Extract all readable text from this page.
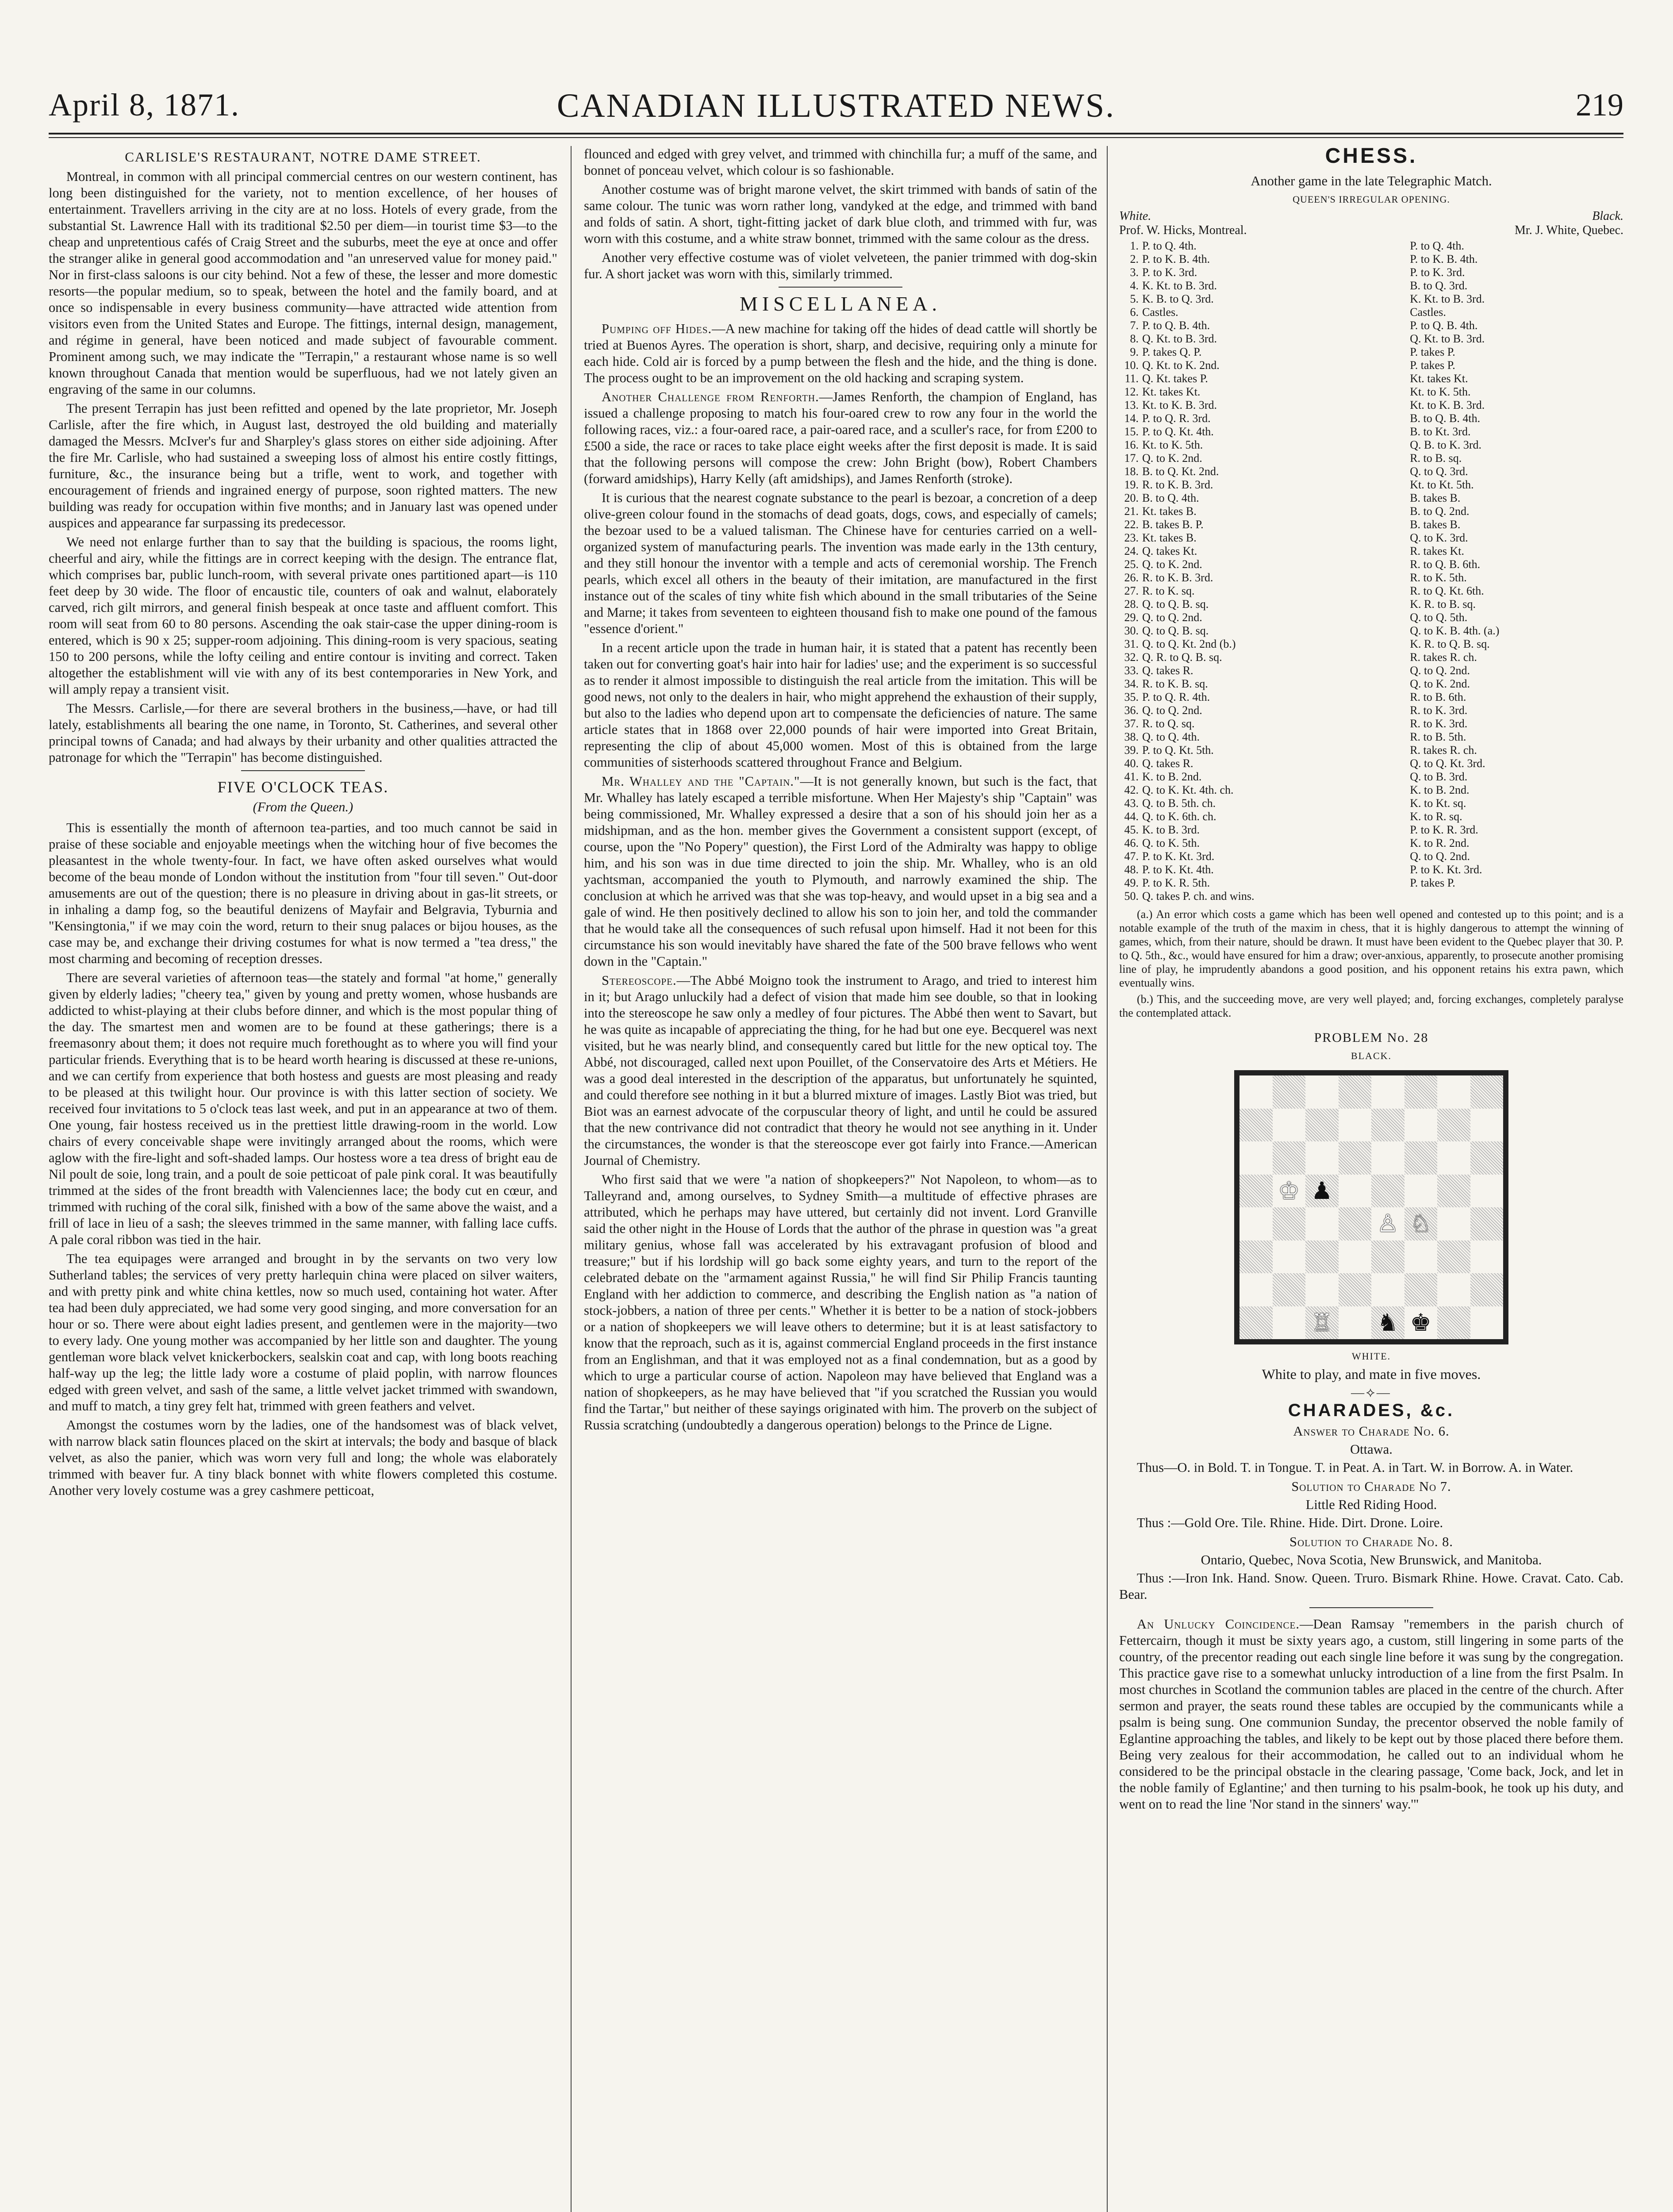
April 8, 1871.	CANADIAN ILLUSTRATED NEWS.	219
CARLISLE'S RESTAURANT, NOTRE DAME STREET.

Montreal, in common with all principal commercial centres on our western continent, has long been distinguished for the variety, not to mention excellence, of her houses of entertainment. Travellers arriving in the city are at no loss. Hotels of every grade, from the substantial St. Lawrence Hall with its traditional $2.50 per diem—in tourist time $3—to the cheap and unpretentious cafés of Craig Street and the suburbs, meet the eye at once and offer the stranger alike in general good accommodation and "an unreserved value for money paid." Nor in first-class saloons is our city behind. Not a few of these, the lesser and more domestic resorts—the popular medium, so to speak, between the hotel and the family board, and at once so indispensable in every business community—have attracted wide attention from visitors even from the United States and Europe. The fittings, internal design, management, and régime in general, have been noticed and made subject of favourable comment. Prominent among such, we may indicate the "Terrapin," a restaurant whose name is so well known throughout Canada that mention would be superfluous, had we not lately given an engraving of the same in our columns.

The present Terrapin has just been refitted and opened by the late proprietor, Mr. Joseph Carlisle, after the fire which, in August last, destroyed the old building and materially damaged the Messrs. McIver's fur and Sharpley's glass stores on either side adjoining. After the fire Mr. Carlisle, who had sustained a sweeping loss of almost his entire costly fittings, furniture, &c., the insurance being but a trifle, went to work, and together with encouragement of friends and ingrained energy of purpose, soon righted matters. The new building was ready for occupation within five months; and in January last was opened under auspices and appearance far surpassing its predecessor.

We need not enlarge further than to say that the building is spacious, the rooms light, cheerful and airy, while the fittings are in correct keeping with the design. The entrance flat, which comprises bar, public lunch-room, with several private ones partitioned apart—is 110 feet deep by 30 wide. The floor of encaustic tile, counters of oak and walnut, elaborately carved, rich gilt mirrors, and general finish bespeak at once taste and affluent comfort. This room will seat from 60 to 80 persons. Ascending the oak stair-case the upper dining-room is entered, which is 90 x 25; supper-room adjoining. This dining-room is very spacious, seating 150 to 200 persons, while the lofty ceiling and entire contour is inviting and correct. Taken altogether the establishment will vie with any of its best contemporaries in New York, and will amply repay a transient visit.

The Messrs. Carlisle,—for there are several brothers in the business,—have, or had till lately, establishments all bearing the one name, in Toronto, St. Catherines, and several other principal towns of Canada; and had always by their urbanity and other qualities attracted the patronage for which the "Terrapin" has become distinguished.

FIVE O'CLOCK TEAS.
(From the Queen.)

This is essentially the month of afternoon tea-parties, and too much cannot be said in praise of these sociable and enjoyable meetings when the witching hour of five becomes the pleasantest in the whole twenty-four. In fact, we have often asked ourselves what would become of the beau monde of London without the institution from "four till seven." Out-door amusements are out of the question; there is no pleasure in driving about in gas-lit streets, or in inhaling a damp fog, so the beautiful denizens of Mayfair and Belgravia, Tyburnia and "Kensingtonia," if we may coin the word, return to their snug palaces or bijou houses, as the case may be, and exchange their driving costumes for what is now termed a "tea dress," the most charming and becoming of reception dresses.

There are several varieties of afternoon teas—the stately and formal "at home," generally given by elderly ladies; "cheery tea," given by young and pretty women, whose husbands are addicted to whist-playing at their clubs before dinner, and which is the most popular thing of the day. The smartest men and women are to be found at these gatherings; there is a freemasonry about them; it does not require much forethought as to where you will find your particular friends. Everything that is to be heard worth hearing is discussed at these re-unions, and we can certify from experience that both hostess and guests are most pleasing and ready to be pleased at this twilight hour. Our province is with this latter section of society. We received four invitations to 5 o'clock teas last week, and put in an appearance at two of them. One young, fair hostess received us in the prettiest little drawing-room in the world. Low chairs of every conceivable shape were invitingly arranged about the rooms, which were aglow with the fire-light and soft-shaded lamps. Our hostess wore a tea dress of bright eau de Nil poult de soie, long train, and a poult de soie petticoat of pale pink coral. It was beautifully trimmed at the sides of the front breadth with Valenciennes lace; the body cut en cœur, and trimmed with ruching of the coral silk, finished with a bow of the same above the waist, and a frill of lace in lieu of a sash; the sleeves trimmed in the same manner, with falling lace cuffs. A pale coral ribbon was tied in the hair.

The tea equipages were arranged and brought in by the servants on two very low Sutherland tables; the services of very pretty harlequin china were placed on silver waiters, and with pretty pink and white china kettles, now so much used, containing hot water. After tea had been duly appreciated, we had some very good singing, and more conversation for an hour or so. There were about eight ladies present, and gentlemen were in the majority—two to every lady. One young mother was accompanied by her little son and daughter. The young gentleman wore black velvet knickerbockers, sealskin coat and cap, with long boots reaching half-way up the leg; the little lady wore a costume of plaid poplin, with narrow flounces edged with green velvet, and sash of the same, a little velvet jacket trimmed with swandown, and muff to match, a tiny grey felt hat, trimmed with green feathers and velvet.

Amongst the costumes worn by the ladies, one of the handsomest was of black velvet, with narrow black satin flounces placed on the skirt at intervals; the body and basque of black velvet, as also the panier, which was worn very full and long; the whole was elaborately trimmed with beaver fur. A tiny black bonnet with white flowers completed this costume. Another very lovely costume was a grey cashmere petticoat,

flounced and edged with grey velvet, and trimmed with chinchilla fur; a muff of the same, and bonnet of ponceau velvet, which colour is so fashionable.

Another costume was of bright marone velvet, the skirt trimmed with bands of satin of the same colour. The tunic was worn rather long, vandyked at the edge, and trimmed with band and folds of satin. A short, tight-fitting jacket of dark blue cloth, and trimmed with fur, was worn with this costume, and a white straw bonnet, trimmed with the same colour as the dress.

Another very effective costume was of violet velveteen, the panier trimmed with dog-skin fur. A short jacket was worn with this, similarly trimmed.

MISCELLANEA.

Pumping off Hides.—A new machine for taking off the hides of dead cattle will shortly be tried at Buenos Ayres. The operation is short, sharp, and decisive, requiring only a minute for each hide. Cold air is forced by a pump between the flesh and the hide, and the thing is done. The process ought to be an improvement on the old hacking and scraping system.

Another Challenge from Renforth.—James Renforth, the champion of England, has issued a challenge proposing to match his four-oared crew to row any four in the world the following races, viz.: a four-oared race, a pair-oared race, and a sculler's race, for from £200 to £500 a side, the race or races to take place eight weeks after the first deposit is made. It is said that the following persons will compose the crew: John Bright (bow), Robert Chambers (forward amidships), Harry Kelly (aft amidships), and James Renforth (stroke).

It is curious that the nearest cognate substance to the pearl is bezoar, a concretion of a deep olive-green colour found in the stomachs of dead goats, dogs, cows, and especially of camels; the bezoar used to be a valued talisman. The Chinese have for centuries carried on a well-organized system of manufacturing pearls. The invention was made early in the 13th century, and they still honour the inventor with a temple and acts of ceremonial worship. The French pearls, which excel all others in the beauty of their imitation, are manufactured in the first instance out of the scales of tiny white fish which abound in the small tributaries of the Seine and Marne; it takes from seventeen to eighteen thousand fish to make one pound of the famous "essence d'orient."

In a recent article upon the trade in human hair, it is stated that a patent has recently been taken out for converting goat's hair into hair for ladies' use; and the experiment is so successful as to render it almost impossible to distinguish the real article from the imitation. This will be good news, not only to the dealers in hair, who might apprehend the exhaustion of their supply, but also to the ladies who depend upon art to compensate the deficiencies of nature. The same article states that in 1868 over 22,000 pounds of hair were imported into Great Britain, representing the clip of about 45,000 women. Most of this is obtained from the large communities of sisterhoods scattered throughout France and Belgium.

Mr. Whalley and the "Captain."—It is not generally known, but such is the fact, that Mr. Whalley has lately escaped a terrible misfortune. When Her Majesty's ship "Captain" was being commissioned, Mr. Whalley expressed a desire that a son of his should join her as a midshipman, and as the hon. member gives the Government a consistent support (except, of course, upon the "No Popery" question), the First Lord of the Admiralty was happy to oblige him, and his son was in due time directed to join the ship. Mr. Whalley, who is an old yachtsman, accompanied the youth to Plymouth, and narrowly examined the ship. The conclusion at which he arrived was that she was top-heavy, and would upset in a big sea and a gale of wind. He then positively declined to allow his son to join her, and told the commander that he would take all the consequences of such refusal upon himself. Had it not been for this circumstance his son would inevitably have shared the fate of the 500 brave fellows who went down in the "Captain."

Stereoscope.—The Abbé Moigno took the instrument to Arago, and tried to interest him in it; but Arago unluckily had a defect of vision that made him see double, so that in looking into the stereoscope he saw only a medley of four pictures. The Abbé then went to Savart, but he was quite as incapable of appreciating the thing, for he had but one eye. Becquerel was next visited, but he was nearly blind, and consequently cared but little for the new optical toy. The Abbé, not discouraged, called next upon Pouillet, of the Conservatoire des Arts et Métiers. He was a good deal interested in the description of the apparatus, but unfortunately he squinted, and could therefore see nothing in it but a blurred mixture of images. Lastly Biot was tried, but Biot was an earnest advocate of the corpuscular theory of light, and until he could be assured that the new contrivance did not contradict that theory he would not see anything in it. Under the circumstances, the wonder is that the stereoscope ever got fairly into France.—American Journal of Chemistry.

Who first said that we were "a nation of shopkeepers?" Not Napoleon, to whom—as to Talleyrand and, among ourselves, to Sydney Smith—a multitude of effective phrases are attributed, which he perhaps may have uttered, but certainly did not invent. Lord Granville said the other night in the House of Lords that the author of the phrase in question was "a great military genius, whose fall was accelerated by his extravagant profusion of blood and treasure;" but if his lordship will go back some eighty years, and turn to the report of the celebrated debate on the "armament against Russia," he will find Sir Philip Francis taunting England with her addiction to commerce, and describing the English nation as "a nation of stock-jobbers, a nation of three per cents." Whether it is better to be a nation of stock-jobbers or a nation of shopkeepers we will leave others to determine; but it is at least satisfactory to know that the reproach, such as it is, against commercial England proceeds in the first instance from an Englishman, and that it was employed not as a final condemnation, but as a good by which to urge a particular course of action. Napoleon may have believed that England was a nation of shopkeepers, as he may have believed that "if you scratched the Russian you would find the Tartar," but neither of these sayings originated with him. The proverb on the subject of Russia scratching (undoubtedly a dangerous operation) belongs to the Prince de Ligne.

CHESS.
Another game in the late Telegraphic Match.
QUEEN'S IRREGULAR OPENING.
White.
Prof. W. Hicks, Montreal.
Black.
Mr. J. White, Quebec.
1.	P. to Q. 4th.	P. to Q. 4th.
2.	P. to K. B. 4th.	P. to K. B. 4th.
3.	P. to K. 3rd.	P. to K. 3rd.
4.	K. Kt. to B. 3rd.	B. to Q. 3rd.
5.	K. B. to Q. 3rd.	K. Kt. to B. 3rd.
6.	Castles.	Castles.
7.	P. to Q. B. 4th.	P. to Q. B. 4th.
8.	Q. Kt. to B. 3rd.	Q. Kt. to B. 3rd.
9.	P. takes Q. P.	P. takes P.
10.	Q. Kt. to K. 2nd.	P. takes P.
11.	Q. Kt. takes P.	Kt. takes Kt.
12.	Kt. takes Kt.	Kt. to K. 5th.
13.	Kt. to K. B. 3rd.	Kt. to K. B. 3rd.
14.	P. to Q. R. 3rd.	B. to Q. B. 4th.
15.	P. to Q. Kt. 4th.	B. to Kt. 3rd.
16.	Kt. to K. 5th.	Q. B. to K. 3rd.
17.	Q. to K. 2nd.	R. to B. sq.
18.	B. to Q. Kt. 2nd.	Q. to Q. 3rd.
19.	R. to K. B. 3rd.	Kt. to Kt. 5th.
20.	B. to Q. 4th.	B. takes B.
21.	Kt. takes B.	B. to Q. 2nd.
22.	B. takes B. P.	B. takes B.
23.	Kt. takes B.	Q. to K. 3rd.
24.	Q. takes Kt.	R. takes Kt.
25.	Q. to K. 2nd.	R. to Q. B. 6th.
26.	R. to K. B. 3rd.	R. to K. 5th.
27.	R. to K. sq.	R. to Q. Kt. 6th.
28.	Q. to Q. B. sq.	K. R. to B. sq.
29.	Q. to Q. 2nd.	Q. to Q. 5th.
30.	Q. to Q. B. sq.	Q. to K. B. 4th. (a.)
31.	Q. to Q. Kt. 2nd (b.)	K. R. to Q. B. sq.
32.	Q. R. to Q. B. sq.	R. takes R. ch.
33.	Q. takes R.	Q. to Q. 2nd.
34.	R. to K. B. sq.	Q. to K. 2nd.
35.	P. to Q. R. 4th.	R. to B. 6th.
36.	Q. to Q. 2nd.	R. to K. 3rd.
37.	R. to Q. sq.	R. to K. 3rd.
38.	Q. to Q. 4th.	R. to B. 5th.
39.	P. to Q. Kt. 5th.	R. takes R. ch.
40.	Q. takes R.	Q. to Q. Kt. 3rd.
41.	K. to B. 2nd.	Q. to B. 3rd.
42.	Q. to K. Kt. 4th. ch.	K. to B. 2nd.
43.	Q. to B. 5th. ch.	K. to Kt. sq.
44.	Q. to K. 6th. ch.	K. to R. sq.
45.	K. to B. 3rd.	P. to K. R. 3rd.
46.	Q. to K. 5th.	K. to R. 2nd.
47.	P. to K. Kt. 3rd.	Q. to Q. 2nd.
48.	P. to K. Kt. 4th.	P. to K. Kt. 3rd.
49.	P. to K. R. 5th.	P. takes P.
50.	Q. takes P. ch. and wins.	

(a.) An error which costs a game which has been well opened and contested up to this point; and is a notable example of the truth of the maxim in chess, that it is highly dangerous to attempt the winning of games, which, from their nature, should be drawn. It must have been evident to the Quebec player that 30. P. to Q. 5th., &c., would have ensured for him a draw; over-anxious, apparently, to prosecute another promising line of play, he imprudently abandons a good position, and his opponent retains his extra pawn, which eventually wins.

(b.) This, and the succeeding move, are very well played; and, forcing exchanges, completely paralyse the contemplated attack.

PROBLEM No. 28
BLACK.
♔ ♟
♙ ♘
♖ ♞ ♚
WHITE.
White to play, and mate in five moves.
—⟡—
CHARADES, &c.
Answer to Charade No. 6.
Ottawa.

Thus—O. in Bold. T. in Tongue. T. in Peat. A. in Tart. W. in Borrow. A. in Water.

Solution to Charade No 7.
Little Red Riding Hood.

Thus :—Gold Ore. Tile. Rhine. Hide. Dirt. Drone. Loire.

Solution to Charade No. 8.
Ontario, Quebec, Nova Scotia, New Brunswick, and Manitoba.

Thus :—Iron Ink. Hand. Snow. Queen. Truro. Bismark Rhine. Howe. Cravat. Cato. Cab. Bear.

An Unlucky Coincidence.—Dean Ramsay "remembers in the parish church of Fettercairn, though it must be sixty years ago, a custom, still lingering in some parts of the country, of the precentor reading out each single line before it was sung by the congregation. This practice gave rise to a somewhat unlucky introduction of a line from the first Psalm. In most churches in Scotland the communion tables are placed in the centre of the church. After sermon and prayer, the seats round these tables are occupied by the communicants while a psalm is being sung. One communion Sunday, the precentor observed the noble family of Eglantine approaching the tables, and likely to be kept out by those placed there before them. Being very zealous for their accommodation, he called out to an individual whom he considered to be the principal obstacle in the clearing passage, 'Come back, Jock, and let in the noble family of Eglantine;' and then turning to his psalm-book, he took up his duty, and went on to read the line 'Nor stand in the sinners' way.'"
